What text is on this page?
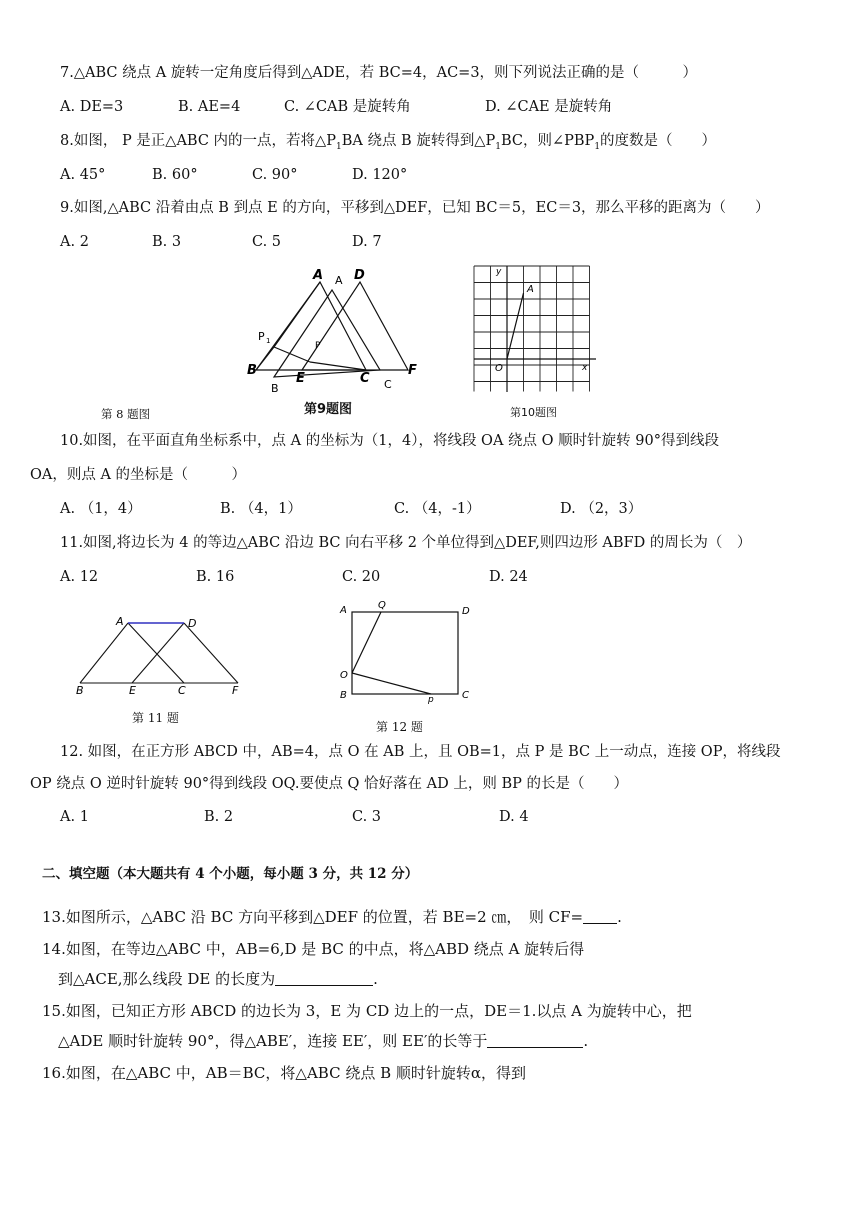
7.△ABC 绕点 A 旋转一定角度后得到△ADE，若 BC=4，AC=3，则下列说法正确的是（　　　）
A. DE=3	B. AE=4	C. ∠CAB 是旋转角	D. ∠CAE 是旋转角
8.如图， P 是正△ABC 内的一点，若将$\triangle P_1BA$ 绕点 B 旋转得到$\triangle P_1BC$，则$\angle PBP_1$的度数是（　　）
A. 45°	B. 60°	C. 90°	D. 120°
9.如图,△ABC 沿着由点 B 到点 E 的方向，平移到△DEF，已知 BC＝5，EC＝3，那么平移的距离为（　　）
A. 2	B. 3	C. 5	D. 7
A A D
P 1	P
B
B
E	C C
F
第 8 题图	第9题图
y
x
A
O
第10题图
10.如图，在平面直角坐标系中，点 A 的坐标为（1，4），将线段 OA 绕点 O 顺时针旋转 90°得到线段
OA，则点 A 的坐标是（　　　）
A. （1，4）	B. （4，1）	C. （4，-1）	D. （2，3）
11.如图,将边长为 4 的等边△ABC 沿边 BC 向右平移 2 个单位得到△DEF,则四边形 ABFD 的周长为（　）
A. 12	B. 16	C. 20	D. 24
A	D
B	E	C	F
第 11 题
A	Q
D
O
B	p	C
第 12 题
12. 如图，在正方形 ABCD 中，AB=4，点 O 在 AB 上，且 OB=1，点 P 是 BC 上一动点，连接 OP，将线段
OP 绕点 O 逆时针旋转 90°得到线段 OQ.要使点 Q 恰好落在 AD 上，则 BP 的长是（　　）
A. 1	B. 2	C. 3	D. 4
二、填空题（本大题共有 4 个小题，每小题 3 分，共 12 分）
13.如图所示，△ABC 沿 BC 方向平移到△DEF 的位置，若 BE=2 ㎝，　则 CF= .
14.如图，在等边△ABC 中，AB=6,D 是 BC 的中点，将△ABD 绕点 A 旋转后得
到△ACE,那么线段 DE 的长度为	.
15.如图，已知正方形 ABCD 的边长为 3，E 为 CD 边上的一点，DE＝1.以点 A 为旋转中心，把
△ADE 顺时针旋转 90°，得△ABE′，连接 EE′，则 EE′的长等于	.
16.如图，在△ABC 中，AB＝BC，将△ABC 绕点 B 顺时针旋转α，得到
